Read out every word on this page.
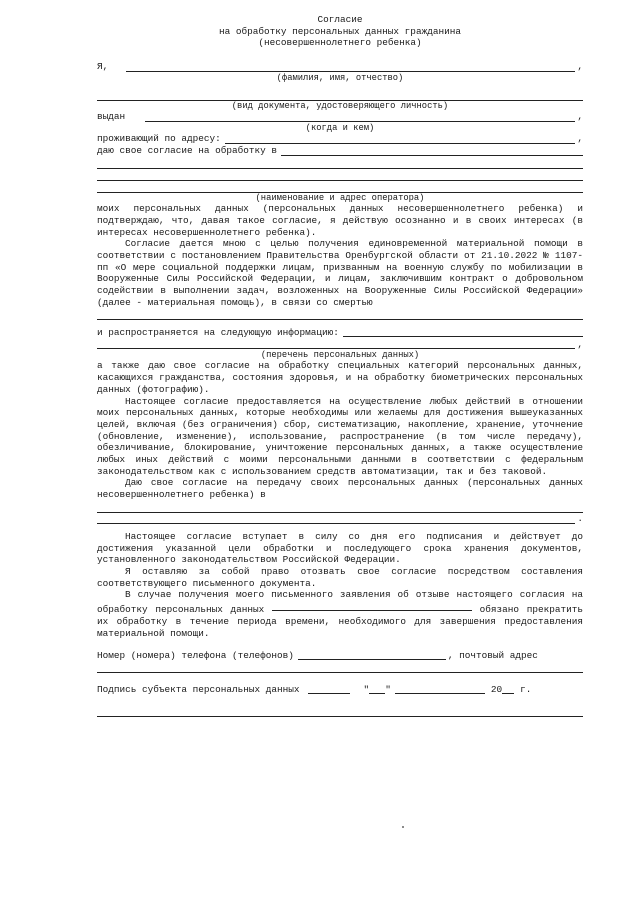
Согласие
на обработку персональных данных гражданина
(несовершеннолетнего ребенка)
Я,	,
(фамилия, имя, отчество)
(вид документа, удостоверяющего личность)
выдан	,
(когда и кем)
проживающий по адресу:	,
даю свое согласие на обработку в
(наименование и адрес оператора)

моих персональных данных (персональных данных несовершеннолетнего ребенка) и подтверждаю, что, давая такое согласие, я действую осознанно и в своих интересах (в интересах несовершеннолетнего ребенка).

Согласие дается мною с целью получения единовременной материальной помощи в соответствии с постановлением Правительства Оренбургской области от 21.10.2022 № 1107-пп «О мере социальной поддержки лицам, призванным на военную службу по мобилизации в Вооруженные Силы Российской Федерации, и лицам, заключившим контракт о добровольном содействии в выполнении задач, возложенных на Вооруженные Силы Российской Федерации» (далее - материальная помощь), в связи со смертью

и распространяется на следующую информацию:
,
(перечень персональных данных)

а также даю свое согласие на обработку специальных категорий персональных данных, касающихся гражданства, состояния здоровья, и на обработку биометрических персональных данных (фотографию).

Настоящее согласие предоставляется на осуществление любых действий в отношении моих персональных данных, которые необходимы или желаемы для достижения вышеуказанных целей, включая (без ограничения) сбор, систематизацию, накопление, хранение, уточнение (обновление, изменение), использование, распространение (в том числе передачу), обезличивание, блокирование, уничтожение персональных данных, а также осуществление любых иных действий с моими персональными данными в соответствии с федеральным законодательством как с использованием средств автоматизации, так и без таковой.

Даю свое согласие на передачу своих персональных данных (персональных данных несовершеннолетнего ребенка) в

.

Настоящее согласие вступает в силу со дня его подписания и действует до достижения указанной цели обработки и последующего срока хранения документов, установленного законодательством Российской Федерации.

Я оставляю за собой право отозвать свое согласие посредством составления соответствующего письменного документа.

В случае получения моего письменного заявления об отзыве настоящего согласия на обработку персональных данных	обязано прекратить их обработку в течение периода времени, необходимого для завершения предоставления материальной помощи.

Номер (номера) телефона (телефонов)	, почтовый адрес
Подпись субъекта персональных данных	" "	20 г.
